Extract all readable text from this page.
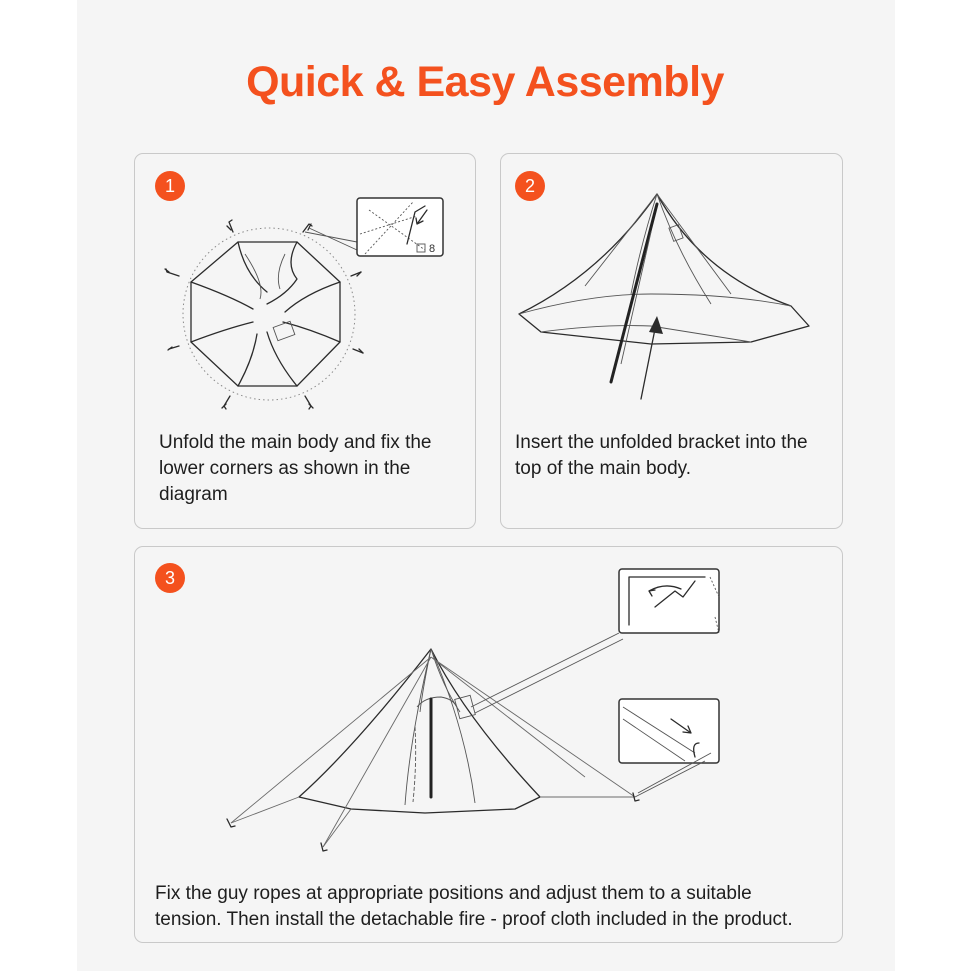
Quick & Easy Assembly
1
8
Unfold the main body and fix the
lower corners as shown in the
diagram
2
Insert the unfolded bracket into the
top of the main body.
3
Fix the guy ropes at appropriate positions and adjust them to a suitable
tension. Then install the detachable fire - proof cloth included in the product.
